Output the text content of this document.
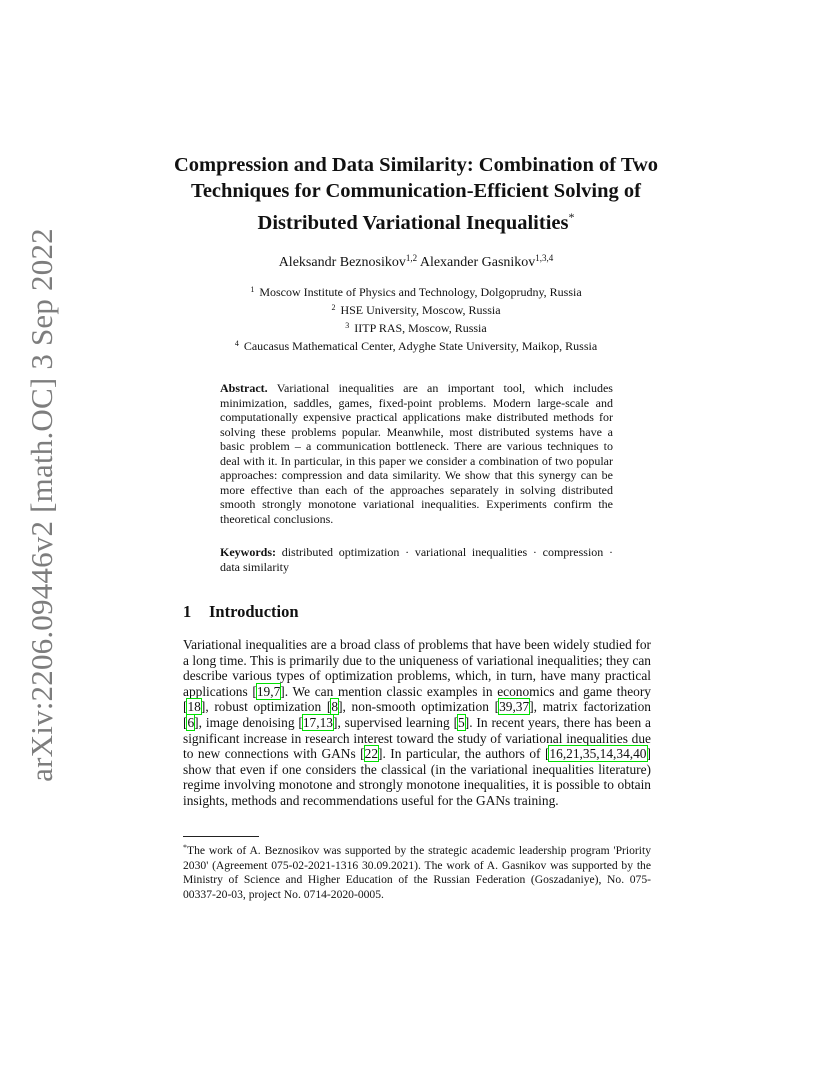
arXiv:2206.09446v2 [math.OC] 3 Sep 2022
Compression and Data Similarity: Combination of Two Techniques for Communication-Efficient Solving of Distributed Variational Inequalities*
Aleksandr Beznosikov$^{1,2}$ Alexander Gasnikov$^{1,3,4}$
$^1$ Moscow Institute of Physics and Technology, Dolgoprudny, Russia
$^2$ HSE University, Moscow, Russia
$^3$ IITP RAS, Moscow, Russia
$^4$ Caucasus Mathematical Center, Adyghe State University, Maikop, Russia
Abstract. Variational inequalities are an important tool, which includes minimization, saddles, games, fixed-point problems. Modern large-scale and computationally expensive practical applications make distributed methods for solving these problems popular. Meanwhile, most distributed systems have a basic problem – a communication bottleneck. There are various techniques to deal with it. In particular, in this paper we consider a combination of two popular approaches: compression and data similarity. We show that this synergy can be more effective than each of the approaches separately in solving distributed smooth strongly monotone variational inequalities. Experiments confirm the theoretical conclusions.
Keywords: distributed optimization · variational inequalities · compression · data similarity
1 Introduction
Variational inequalities are a broad class of problems that have been widely studied for a long time. This is primarily due to the uniqueness of variational inequalities; they can describe various types of optimization problems, which, in turn, have many practical applications [19,7]. We can mention classic examples in economics and game theory [18], robust optimization [8], non-smooth optimization [39,37], matrix factorization [6], image denoising [17,13], supervised learning [5]. In recent years, there has been a significant increase in research interest toward the study of variational inequalities due to new connections with GANs [22]. In particular, the authors of [16,21,35,14,34,40] show that even if one considers the classical (in the variational inequalities literature) regime involving monotone and strongly monotone inequalities, it is possible to obtain insights, methods and recommendations useful for the GANs training.
*The work of A. Beznosikov was supported by the strategic academic leadership program 'Priority 2030' (Agreement 075-02-2021-1316 30.09.2021). The work of A. Gasnikov was supported by the Ministry of Science and Higher Education of the Russian Federation (Goszadaniye), No. 075-00337-20-03, project No. 0714-2020-0005.
